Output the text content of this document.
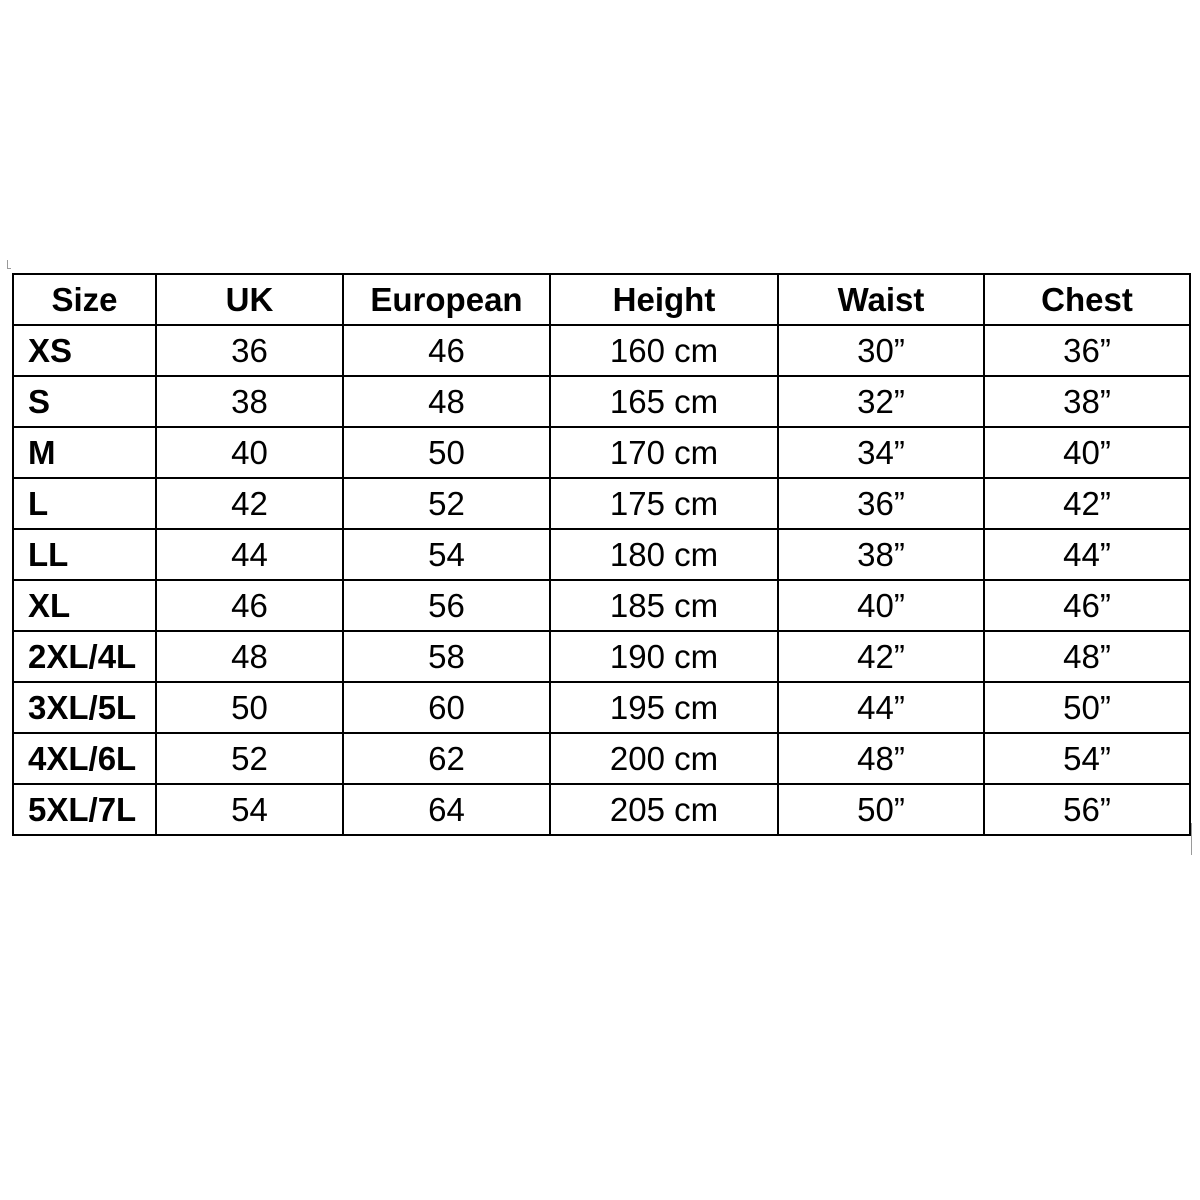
Size	UK	European	Height	Waist	Chest
XS	36	46	160 cm	30”	36”
S	38	48	165 cm	32”	38”
M	40	50	170 cm	34”	40”
L	42	52	175 cm	36”	42”
LL	44	54	180 cm	38”	44”
XL	46	56	185 cm	40”	46”
2XL/4L	48	58	190 cm	42”	48”
3XL/5L	50	60	195 cm	44”	50”
4XL/6L	52	62	200 cm	48”	54”
5XL/7L	54	64	205 cm	50”	56”
